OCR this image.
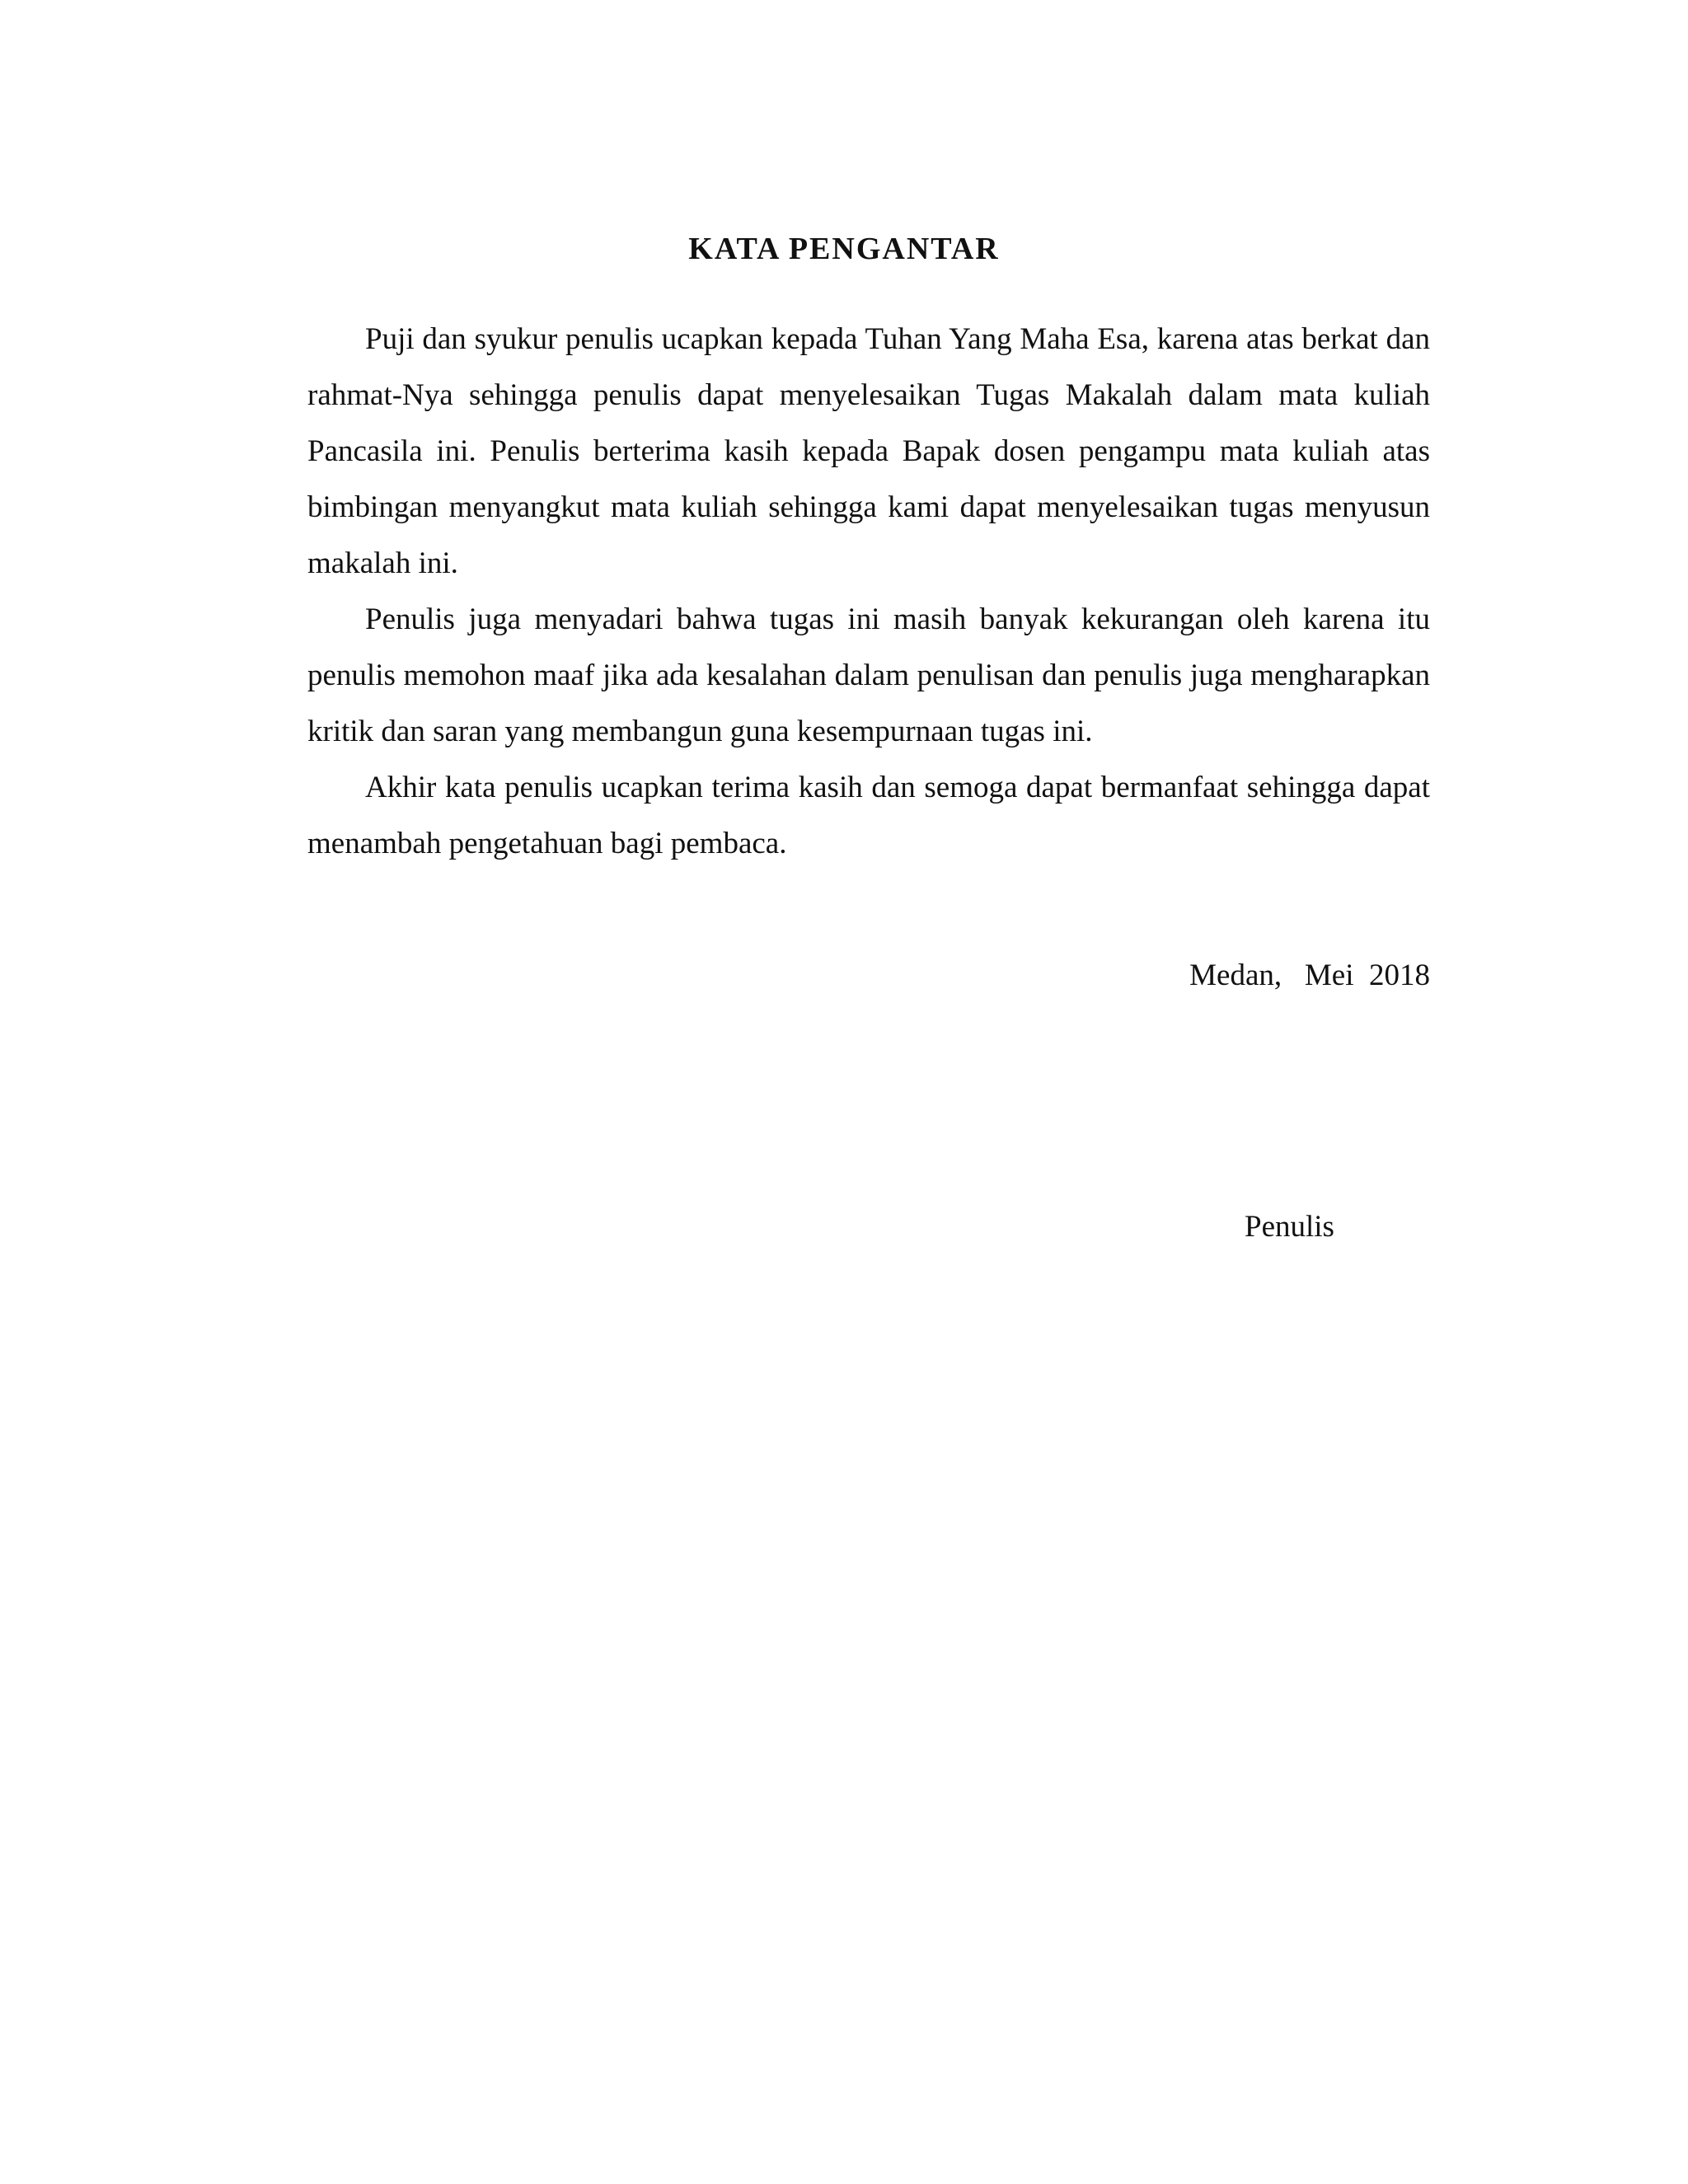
KATA PENGANTAR

Puji dan syukur penulis ucapkan kepada Tuhan Yang Maha Esa, karena atas berkat dan rahmat-Nya sehingga penulis dapat menyelesaikan Tugas Makalah dalam mata kuliah Pancasila ini. Penulis berterima kasih kepada Bapak dosen pengampu mata kuliah atas bimbingan menyangkut mata kuliah sehingga kami dapat menyelesaikan tugas menyusun makalah ini.

Penulis juga menyadari bahwa tugas ini masih banyak kekurangan oleh karena itu penulis memohon maaf jika ada kesalahan dalam penulisan dan penulis juga mengharapkan kritik dan saran yang membangun guna kesempurnaan tugas ini.

Akhir kata penulis ucapkan terima kasih dan semoga dapat bermanfaat sehingga dapat menambah pengetahuan bagi pembaca.

Medan,   Mei  2018
Penulis
